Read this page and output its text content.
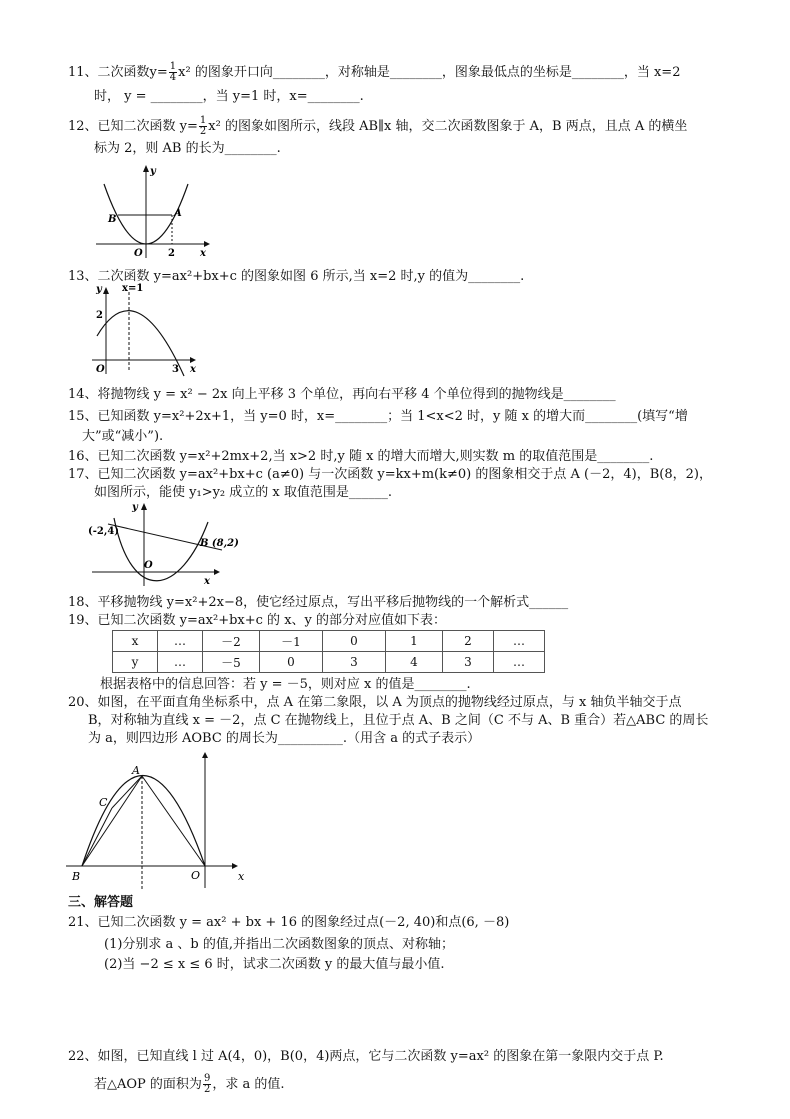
11、二次函数$y= \frac{1}{4} x^2$ 的图象开口向________，对称轴是________，图象最低点的坐标是________，当 x=2
时， y = ________，当 y=1 时，x=________.
12、已知二次函数 $y= \frac{1}{2} x^2$ 的图象如图所示，线段 AB∥x 轴，交二次函数图象于 A，B 两点，且点 A 的横坐
标为 2，则 AB 的长为________.
y
x
O	2
B
A
13、二次函数 y=ax²+bx+c 的图象如图 6 所示,当 x=2 时,y 的值为________.
y x=1
2
O	3 x
14、将抛物线 y = x² − 2x 向上平移 3 个单位，再向右平移 4 个单位得到的抛物线是________
15、已知函数 y=x²+2x+1，当 y=0 时，x=________；当 1<x<2 时，y 随 x 的增大而________(填写“增
大”或“减小”).
16、已知二次函数 y=x²+2mx+2,当 x>2 时,y 随 x 的增大而增大,则实数 m 的取值范围是________.
17、已知二次函数 y=ax²+bx+c (a≠0) 与一次函数 y=kx+m(k≠0) 的图象相交于点 A (－2，4)，B(8，2)，
如图所示，能使 y₁>y₂ 成立的 x 取值范围是______.
(-2,4)
B (8,2)
y
O
x
18、平移抛物线 y=x²+2x−8，使它经过原点，写出平移后抛物线的一个解析式______
19、已知二次函数 y=ax²+bx+c 的 x、y 的部分对应值如下表：
x	…	－2	－1	0	1	2	…
y	…	－5	0	3	4	3	…
根据表格中的信息回答：若 y = －5，则对应 x 的值是________.
20、如图，在平面直角坐标系中，点 A 在第二象限，以 A 为顶点的抛物线经过原点，与 x 轴负半轴交于点
B，对称轴为直线 x = －2，点 C 在抛物线上，且位于点 A、B 之间（C 不与 A、B 重合）若△ABC 的周长
为 a，则四边形 AOBC 的周长为__________.（用含 a 的式子表示）
A
C
B	O	x
三、解答题
21、已知二次函数 y = ax² + bx + 16 的图象经过点(－2, 40)和点(6, －8)
(1)分别求 a 、b 的值,并指出二次函数图象的顶点、对称轴；
(2)当 −2 ≤ x ≤ 6 时，试求二次函数 y 的最大值与最小值.
22、如图，已知直线 l 过 A(4，0)，B(0，4)两点，它与二次函数 y=ax² 的图象在第一象限内交于点 P.
若△AOP 的面积为 $\frac{9}{2}$ ，求 a 的值.
